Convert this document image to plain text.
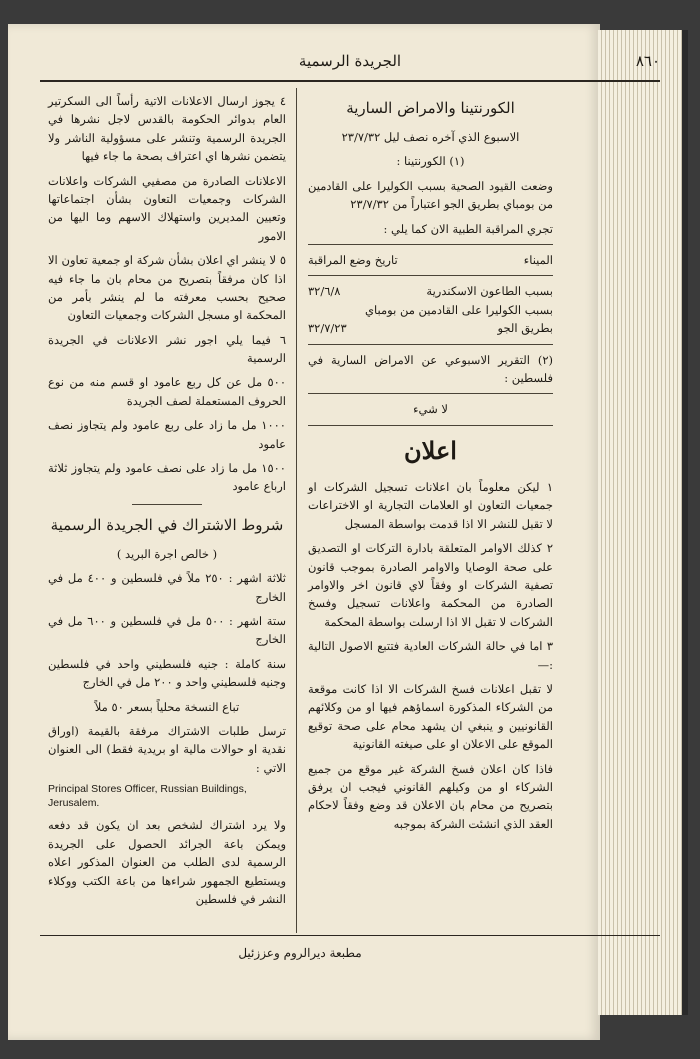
٨٦٠
الجريدة الرسمية
الكورنتينا والامراض السارية

الاسبوع الذي آخره نصف ليل ٢٣/٧/٣٢

(١) الكورنتينا :

وضعت القيود الصحية بسبب الكوليرا على القادمين من بومباي بطريق الجو اعتباراً من ٢٣/٧/٣٢

تجري المراقبة الطبية الان كما يلي :

الميناء
تاريخ وضع المراقبة
بسبب الطاعون الاسكندرية
٣٢/٦/٨
بسبب الكوليرا على القادمين من بومباي
بطريق الجو
٣٢/٧/٢٣

(٢) التقرير الاسبوعي عن الامراض السارية في فلسطين :

لا شيء

اعلان

١ ليكن معلوماً بان اعلانات تسجيل الشركات او جمعيات التعاون او العلامات التجارية او الاختراعات لا تقبل للنشر الا اذا قدمت بواسطة المسجل

٢ كذلك الاوامر المتعلقة بادارة التركات او التصديق على صحة الوصايا والاوامر الصادرة بموجب قانون تصفية الشركات او وفقاً لاي قانون اخر والاوامر الصادرة من المحكمة واعلانات تسجيل وفسخ الشركات لا تقبل الا اذا ارسلت بواسطة المحكمة

٣ اما في حالة الشركات العادية فتتبع الاصول التالية :—

لا تقبل اعلانات فسخ الشركات الا اذا كانت موقعة من الشركاء المذكورة اسماؤهم فيها او من وكلائهم القانونيين و ينبغي ان يشهد محام على صحة توقيع الموقع على الاعلان او على صيغته القانونية

فاذا كان اعلان فسخ الشركة غير موقع من جميع الشركاء او من وكيلهم القانوني فيجب ان يرفق بتصريح من محام بان الاعلان قد وضع وفقاً لاحكام العقد الذي انشئت الشركة بموجبه

٤ يجوز ارسال الاعلانات الاتية رأساً الى السكرتير العام بدوائر الحكومة بالقدس لاجل نشرها في الجريدة الرسمية وتنشر على مسؤولية الناشر ولا يتضمن نشرها اي اعتراف بصحة ما جاء فيها

الاعلانات الصادرة من مصفيي الشركات واعلانات الشركات وجمعيات التعاون بشأن اجتماعاتها وتعيين المديرين واستهلاك الاسهم وما اليها من الامور

٥ لا ينشر اي اعلان بشأن شركة او جمعية تعاون الا اذا كان مرفقاً بتصريح من محام بان ما جاء فيه صحيح بحسب معرفته ما لم ينشر بأمر من المحكمة او مسجل الشركات وجمعيات التعاون

٦ فيما يلي اجور نشر الاعلانات في الجريدة الرسمية

٥٠٠ مل عن كل ربع عامود او قسم منه من نوع الحروف المستعملة لصف الجريدة

١٠٠٠ مل ما زاد على ربع عامود ولم يتجاوز نصف عامود

١٥٠٠ مل ما زاد على نصف عامود ولم يتجاوز ثلاثة ارباع عامود

شروط الاشتراك في الجريدة الرسمية

( خالص اجرة البريد )

ثلاثة اشهر : ٢٥٠ ملاً في فلسطين و ٤٠٠ مل في الخارج

ستة اشهر : ٥٠٠ مل في فلسطين و ٦٠٠ مل في الخارج

سنة كاملة : جنيه فلسطيني واحد في فلسطين وجنيه فلسطيني واحد و ٢٠٠ مل في الخارج

تباع النسخة محلياً بسعر ٥٠ ملاً

ترسل طلبات الاشتراك مرفقة بالقيمة (اوراق نقدية او حوالات مالية او بريدية فقط) الى العنوان الاتي :

Principal Stores Officer, Russian Buildings, Jerusalem.

ولا يرد اشتراك لشخص بعد ان يكون قد دفعه ويمكن باعة الجرائد الحصول على الجريدة الرسمية لدى الطلب من العنوان المذكور اعلاه ويستطيع الجمهور شراءها من باعة الكتب ووكلاء النشر في فلسطين

مطبعة ديرالروم وعززئيل
